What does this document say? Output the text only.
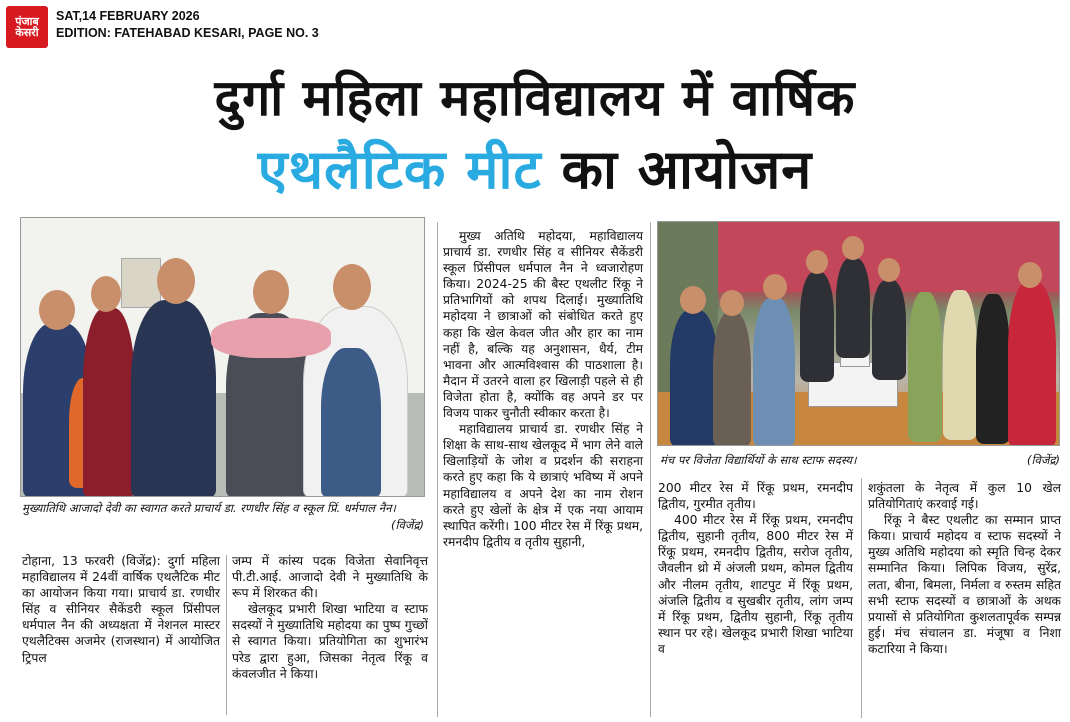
पंजाब
केसरी
SAT,14 FEBRUARY 2026
EDITION: FATEHABAD KESARI, PAGE NO. 3
दुर्गा महिला महाविद्यालय में वार्षिक
एथलैटिक मीट का आयोजन
मुख्यातिथि आजादो देवी का स्वागत करते प्राचार्य डा. रणधीर सिंह व स्कूल प्रिं. धर्मपाल नैन।
(विजेंद्र)
मंच पर विजेता विद्यार्थियों के साथ स्टाफ सदस्य।	(विजेंद्र)

टोहाना, 13 फरवरी (विजेंद्र): दुर्गा महिला महाविद्यालय में 24वीं वार्षिक एथलैटिक मीट का आयोजन किया गया। प्राचार्य डा. रणधीर सिंह व सीनियर सैकेंडरी स्कूल प्रिंसीपल धर्मपाल नैन की अध्यक्षता में नेशनल मास्टर एथलैटिक्स अजमेर (राजस्थान) में आयोजित ट्रिपल

जम्प में कांस्य पदक विजेता सेवानिवृत्त पी.टी.आई. आजादो देवी ने मुख्यातिथि के रूप में शिरकत की।

खेलकूद प्रभारी शिखा भाटिया व स्टाफ सदस्यों ने मुख्यातिथि महोदया का पुष्प गुच्छों से स्वागत किया। प्रतियोगिता का शुभारंभ परेड द्वारा हुआ, जिसका नेतृत्व रिंकू व कंवलजीत ने किया।

मुख्य अतिथि महोदया, महाविद्यालय प्राचार्य डा. रणधीर सिंह व सीनियर सैकेंडरी स्कूल प्रिंसीपल धर्मपाल नैन ने ध्वजारोहण किया। 2024-25 की बैस्ट एथलीट रिंकू ने प्रतिभागियों को शपथ दिलाई। मुख्यातिथि महोदया ने छात्राओं को संबोधित करते हुए कहा कि खेल केवल जीत और हार का नाम नहीं है, बल्कि यह अनुशासन, धैर्य, टीम भावना और आत्मविश्वास की पाठशाला है। मैदान में उतरने वाला हर खिलाड़ी पहले से ही विजेता होता है, क्योंकि वह अपने डर पर विजय पाकर चुनौती स्वीकार करता है।

महाविद्यालय प्राचार्य डा. रणधीर सिंह ने शिक्षा के साथ-साथ खेलकूद में भाग लेने वाले खिलाड़ियों के जोश व प्रदर्शन की सराहना करते हुए कहा कि ये छात्राएं भविष्य में अपने महाविद्यालय व अपने देश का नाम रोशन करते हुए खेलों के क्षेत्र में एक नया आयाम स्थापित करेंगी। 100 मीटर रेस में रिंकू प्रथम, रमनदीप द्वितीय व तृतीय सुहानी,

200 मीटर रेस में रिंकू प्रथम, रमनदीप द्वितीय, गुरमीत तृतीय।

400 मीटर रेस में रिंकू प्रथम, रमनदीप द्वितीय, सुहानी तृतीय, 800 मीटर रेस में रिंकू प्रथम, रमनदीप द्वितीय, सरोज तृतीय, जैवलीन थ्रो में अंजली प्रथम, कोमल द्वितीय और नीलम तृतीय, शाटपुट में रिंकू प्रथम, अंजलि द्वितीय व सुखबीर तृतीय, लांग जम्प में रिंकू प्रथम, द्वितीय सुहानी, रिंकू तृतीय स्थान पर रहे। खेलकूद प्रभारी शिखा भाटिया व

शकुंतला के नेतृत्व में कुल 10 खेल प्रतियोगिताएं करवाई गई।

रिंकू ने बैस्ट एथलीट का सम्मान प्राप्त किया। प्राचार्य महोदय व स्टाफ सदस्यों ने मुख्य अतिथि महोदया को स्मृति चिन्ह देकर सम्मानित किया। लिपिक विजय, सुरेंद्र, लता, बीना, बिमला, निर्मला व रुस्तम सहित सभी स्टाफ सदस्यों व छात्राओं के अथक प्रयासों से प्रतियोगिता कुशलतापूर्वक सम्पन्न हुई। मंच संचालन डा. मंजूषा व निशा कटारिया ने किया।
